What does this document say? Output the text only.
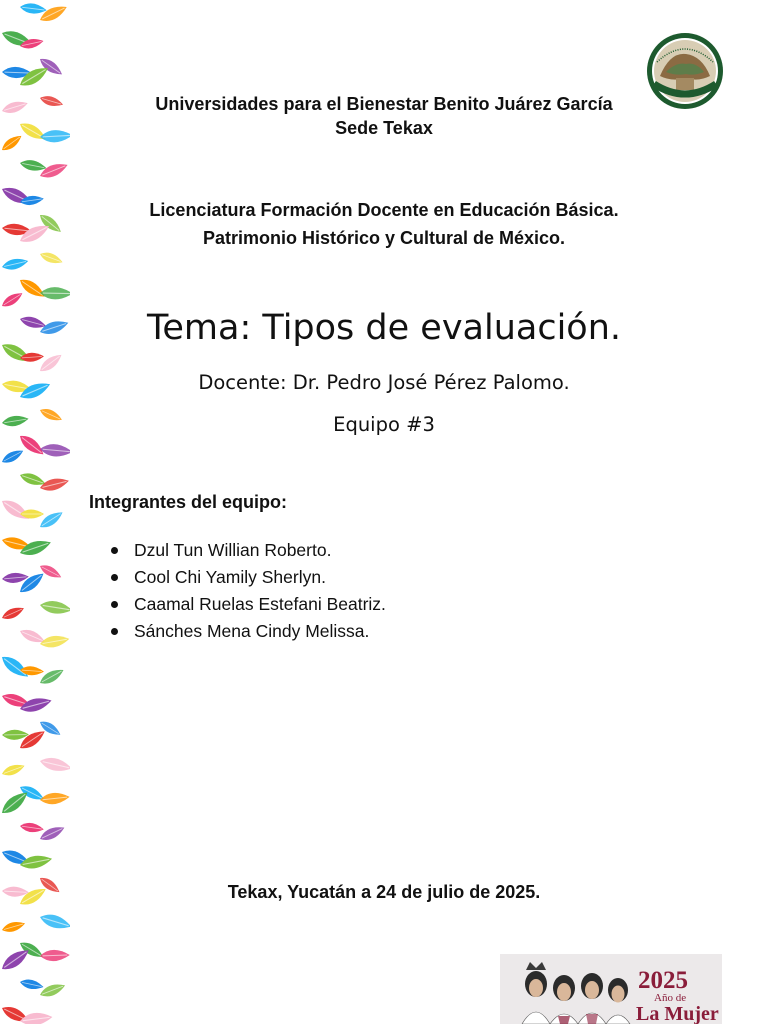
Universidades para el Bienestar Benito Juárez García
Sede Tekax
Licenciatura Formación Docente en Educación Básica.
Patrimonio Histórico y Cultural de México.
Tema: Tipos de evaluación.
Docente: Dr. Pedro José Pérez Palomo.
Equipo #3
Integrantes del equipo:
Dzul Tun Willian Roberto.
Cool Chi Yamily Sherlyn.
Caamal Ruelas Estefani Beatriz.
Sánches Mena Cindy Melissa.
Tekax, Yucatán a 24 de julio de 2025.
2025
Año de
La Mujer
